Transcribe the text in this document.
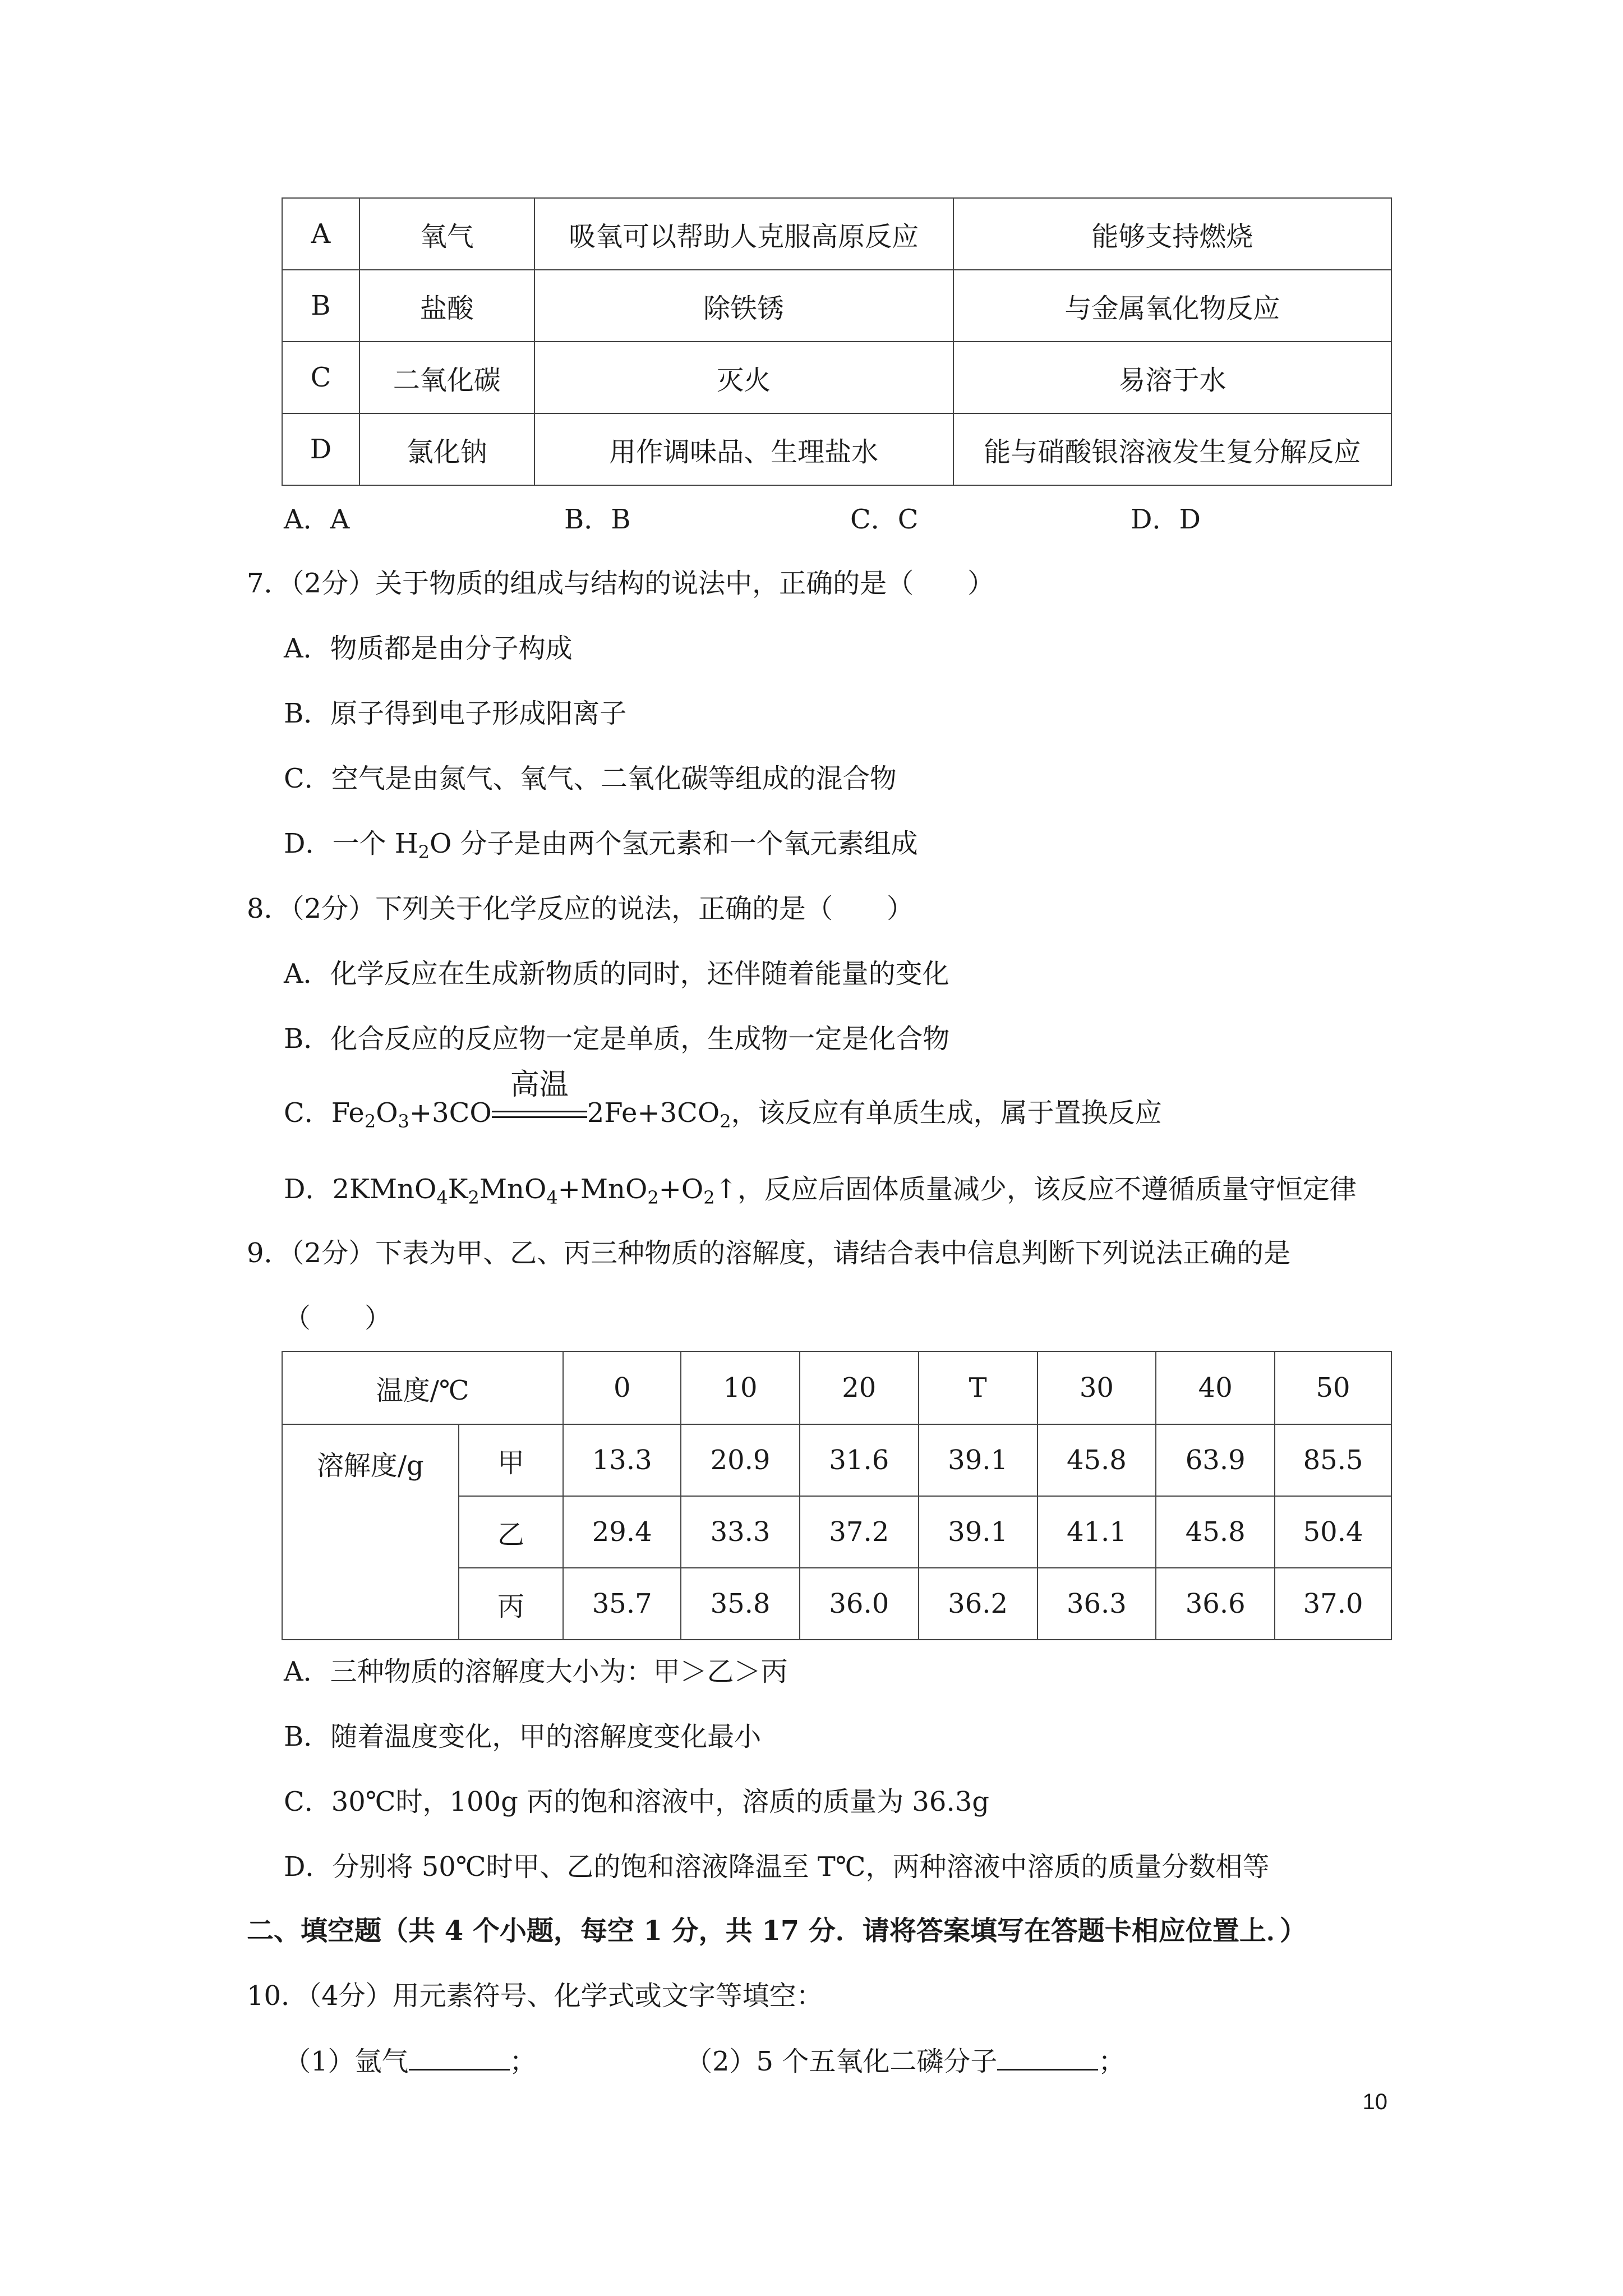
A	氧气	吸氧可以帮助人克服高原反应	能够支持燃烧
B	盐酸	除铁锈	与金属氧化物反应
C	二氧化碳	灭火	易溶于水
D	氯化钠	用作调味品、生理盐水	能与硝酸银溶液发生复分解反应
A．A	B．B	C．C	D．D
7．（2分）关于物质的组成与结构的说法中，正确的是（　　）
A．物质都是由分子构成
B．原子得到电子形成阳离子
C．空气是由氮气、氧气、二氧化碳等组成的混合物
D．一个 $H_2O$ 分子是由两个氢元素和一个氧元素组成
8．（2分）下列关于化学反应的说法，正确的是（　　）
A．化学反应在生成新物质的同时，还伴随着能量的变化
B．化合反应的反应物一定是单质，生成物一定是化合物
C．$Fe_2O_3+3CO$
高温
$2Fe+3CO_2$，该反应有单质生成，属于置换反应
D．$2KMnO_4K_2MnO_4+MnO_2+O_2↑$，反应后固体质量减少，该反应不遵循质量守恒定律
9．（2分）下表为甲、乙、丙三种物质的溶解度，请结合表中信息判断下列说法正确的是
（　　）
温度/℃		0	10	20	T	30	40	50
溶解度/g	甲	13.3	20.9	31.6	39.1	45.8	63.9	85.5
	乙	29.4	33.3	37.2	39.1	41.1	45.8	50.4
	丙	35.7	35.8	36.0	36.2	36.3	36.6	37.0
A．三种物质的溶解度大小为：甲＞乙＞丙
B．随着温度变化，甲的溶解度变化最小
C．30℃时，100g 丙的饱和溶液中，溶质的质量为 36.3g
D．分别将 50℃时甲、乙的饱和溶液降温至 T℃，两种溶液中溶质的质量分数相等
二、填空题（共 4 个小题，每空 1 分，共 17 分．请将答案填写在答题卡相应位置上．）
10．（4分）用元素符号、化学式或文字等填空：
（1）氩气	；	（2）5 个五氧化二磷分子	；
10
